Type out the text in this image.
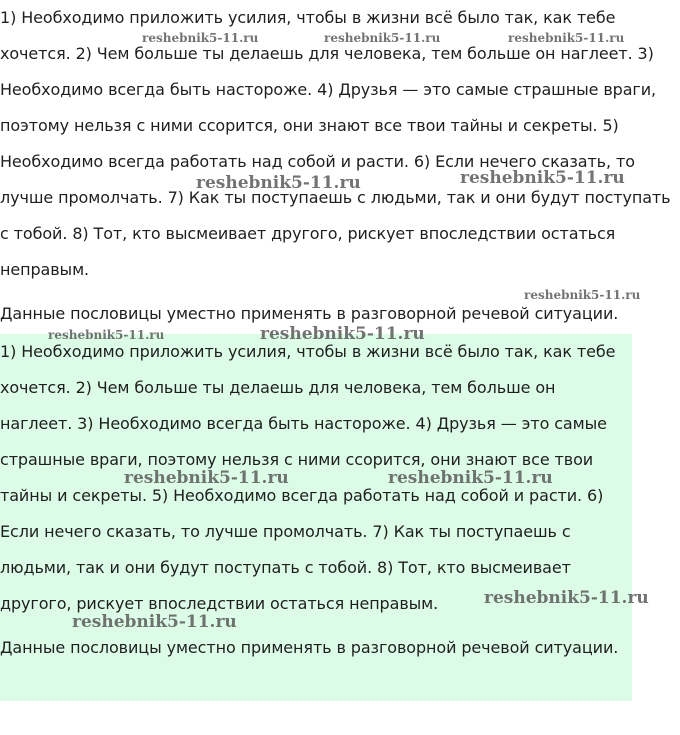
1) Необходимо приложить усилия, чтобы в жизни всё было так, как тебе хочется. 2) Чем больше ты делаешь для человека, тем больше он наглеет. 3) Необходимо всегда быть настороже. 4) Друзья — это самые страшные враги, поэтому нельзя с ними ссорится, они знают все твои тайны и секреты. 5) Необходимо всегда работать над собой и расти. 6) Если нечего сказать, то лучше промолчать. 7) Как ты поступаешь с людьми, так и они будут поступать с тобой. 8) Тот, кто высмеивает другого, рискует впоследствии остаться неправым.

Данные пословицы уместно применять в разговорной речевой ситуации.

1) Необходимо приложить усилия, чтобы в жизни всё было так, как тебе хочется. 2) Чем больше ты делаешь для человека, тем больше он наглеет. 3) Необходимо всегда быть настороже. 4) Друзья — это самые страшные враги, поэтому нельзя с ними ссорится, они знают все твои тайны и секреты. 5) Необходимо всегда работать над собой и расти. 6) Если нечего сказать, то лучше промолчать. 7) Как ты поступаешь с людьми, так и они будут поступать с тобой. 8) Тот, кто высмеивает другого, рискует впоследствии остаться неправым.

Данные пословицы уместно применять в разговорной речевой ситуации.

reshebnik5-11.ru	reshebnik5-11.ru	reshebnik5-11.ru
reshebnik5-11.ru	reshebnik5-11.ru
reshebnik5-11.ru
reshebnik5-11.ru	reshebnik5-11.ru
reshebnik5-11.ru	reshebnik5-11.ru
reshebnik5-11.ru
reshebnik5-11.ru
